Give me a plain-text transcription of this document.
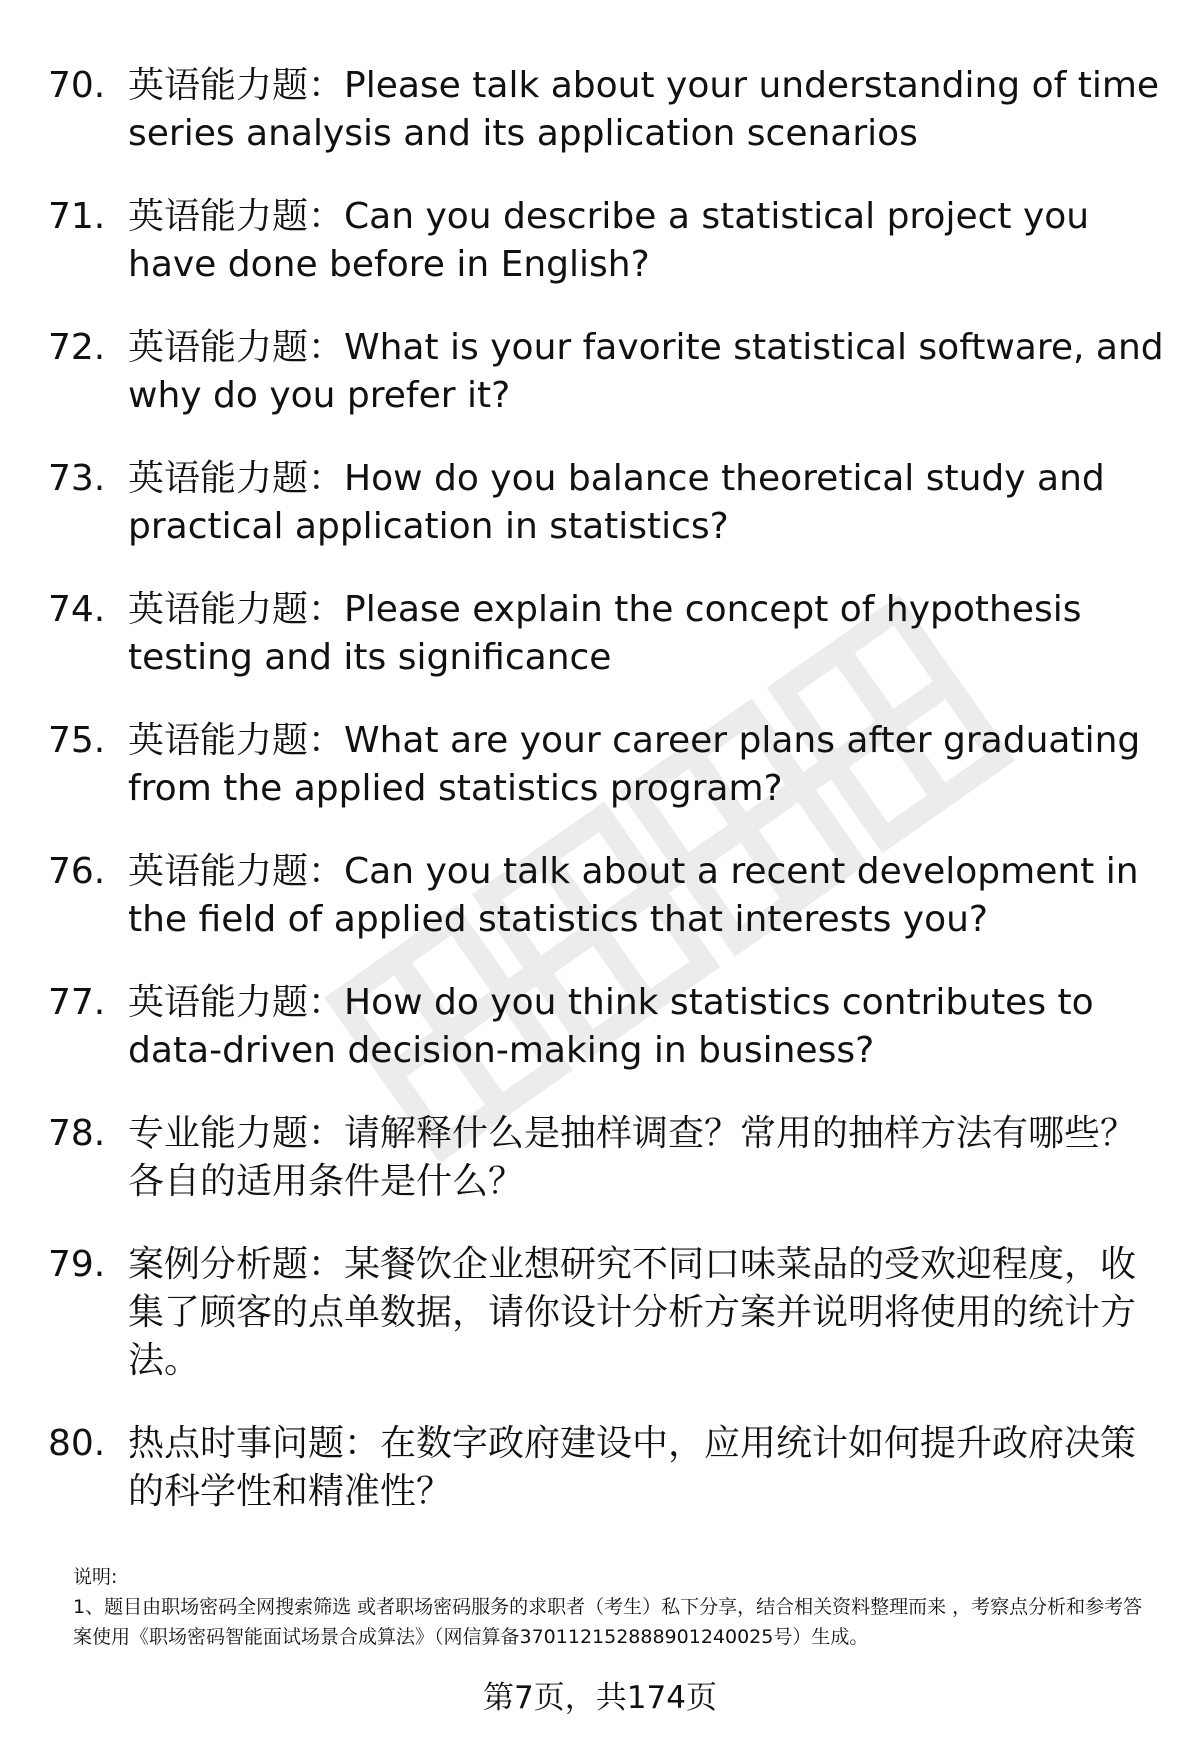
70. 英语能力题：Please talk about your understanding of time series analysis and its application scenarios
71. 英语能力题：Can you describe a statistical project you have done before in English?
72. 英语能力题：What is your favorite statistical software, and why do you prefer it?
73. 英语能力题：How do you balance theoretical study and practical application in statistics?
74. 英语能力题：Please explain the concept of hypothesis testing and its significance
75. 英语能力题：What are your career plans after graduating from the applied statistics program?
76. 英语能力题：Can you talk about a recent development in the field of applied statistics that interests you?
77. 英语能力题：How do you think statistics contributes to data-driven decision-making in business?
78. 专业能力题：请解释什么是抽样调查？常用的抽样方法有哪些？各自的适用条件是什么？
79. 案例分析题：某餐饮企业想研究不同口味菜品的受欢迎程度，收集了顾客的点单数据，请你设计分析方案并说明将使用的统计方法。
80. 热点时事问题：在数字政府建设中，应用统计如何提升政府决策的科学性和精准性？

说明:

1、题目由职场密码全网搜索筛选 或者职场密码服务的求职者（考生）私下分享，结合相关资料整理而来 ，考察点分析和参考答案使用《职场密码智能面试场景合成算法》（网信算备370112152888901240025号）生成。

第7页，共174页
